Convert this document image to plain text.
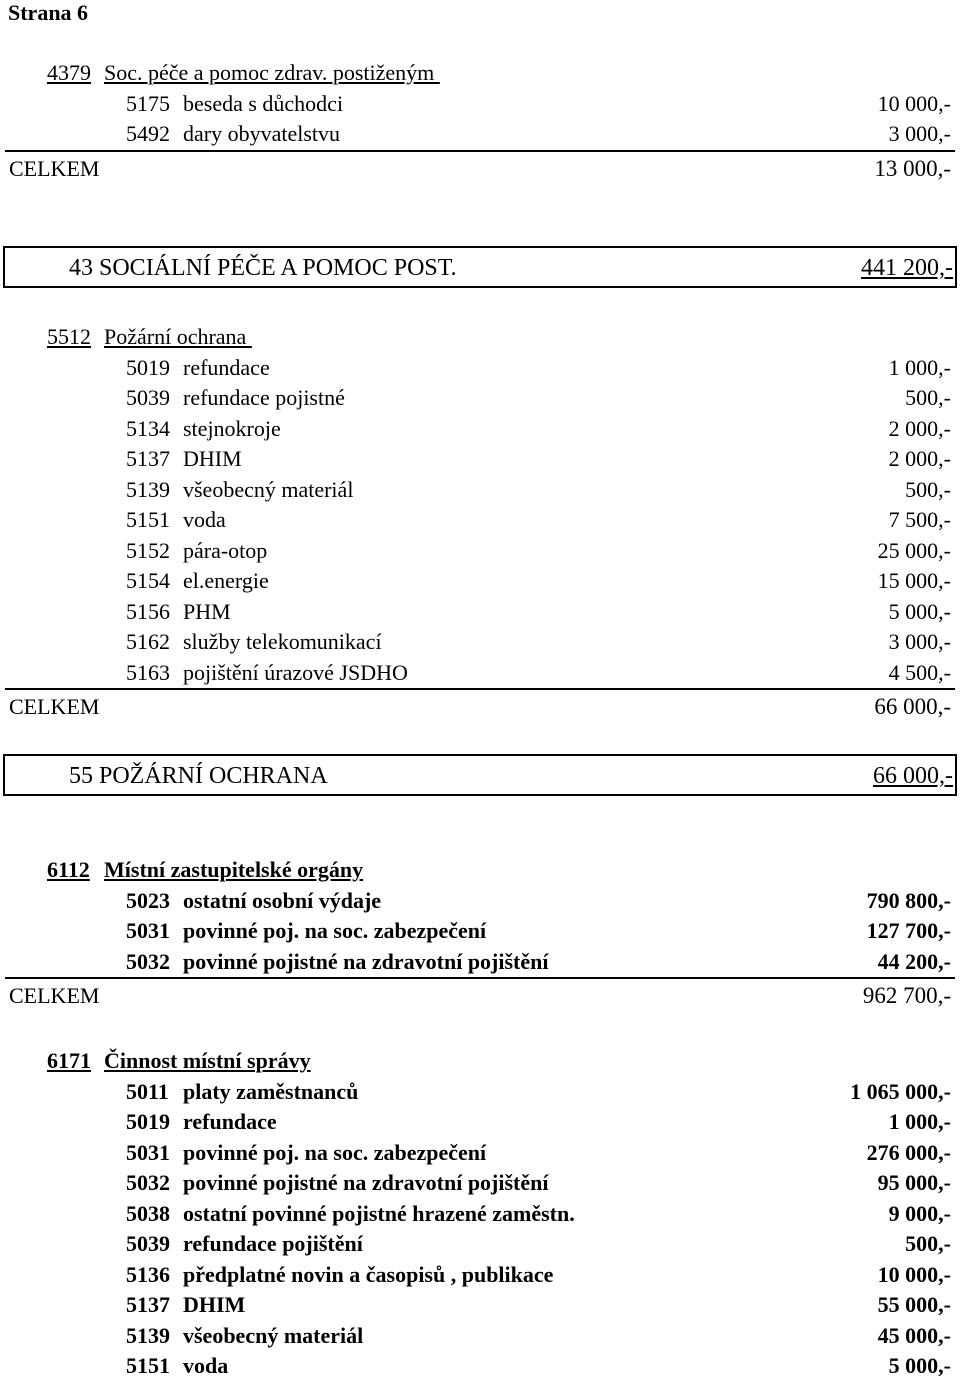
Strana 6
4379 Soc. péče a pomoc zdrav. postiženým
5175 beseda s důchodci	10 000,-
5492 dary obyvatelstvu	3 000,-
CELKEM	13 000,-
43 SOCIÁLNÍ PÉČE A POMOC POST.	441 200,-
5512 Požární ochrana
5019 refundace	1 000,-
5039 refundace pojistné	500,-
5134 stejnokroje	2 000,-
5137 DHIM	2 000,-
5139 všeobecný materiál	500,-
5151 voda	7 500,-
5152 pára-otop	25 000,-
5154 el.energie	15 000,-
5156 PHM	5 000,-
5162 služby telekomunikací	3 000,-
5163 pojištění úrazové JSDHO	4 500,-
CELKEM	66 000,-
55 POŽÁRNÍ OCHRANA	66 000,-
6112 Místní zastupitelské orgány
5023 ostatní osobní výdaje	790 800,-
5031 povinné poj. na soc. zabezpečení	127 700,-
5032 povinné pojistné na zdravotní pojištění	44 200,-
CELKEM	962 700,-
6171 Činnost místní správy
5011 platy zaměstnanců	1 065 000,-
5019 refundace	1 000,-
5031 povinné poj. na soc. zabezpečení	276 000,-
5032 povinné pojistné na zdravotní pojištění	95 000,-
5038 ostatní povinné pojistné hrazené zaměstn.	9 000,-
5039 refundace pojištění	500,-
5136 předplatné novin a časopisů , publikace	10 000,-
5137 DHIM	55 000,-
5139 všeobecný materiál	45 000,-
5151 voda	5 000,-
